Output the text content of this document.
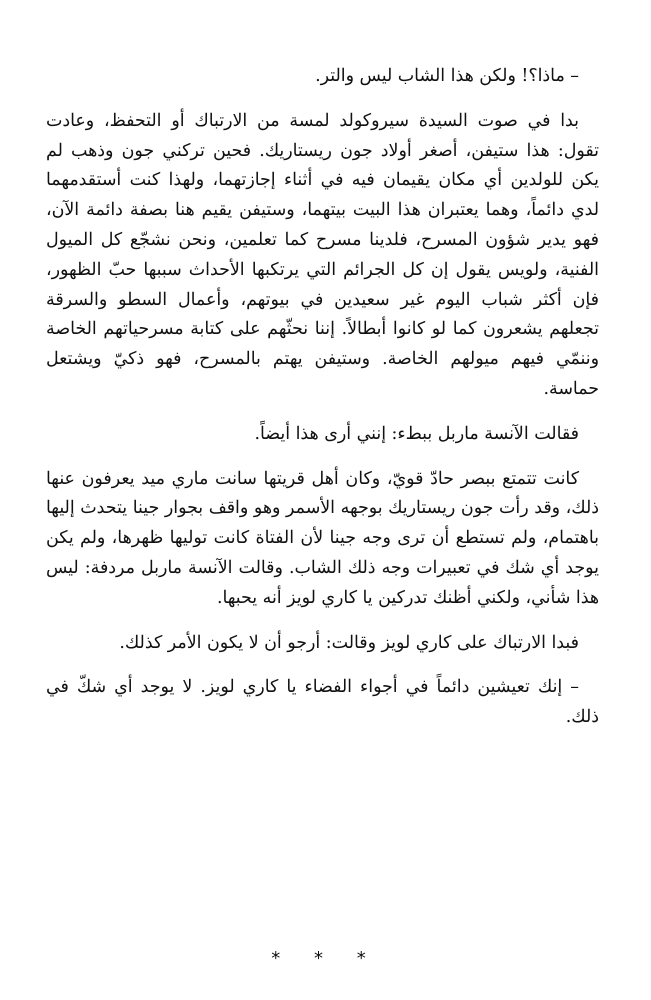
– ماذا؟! ولكن هذا الشاب ليس والتر.

بدا في صوت السيدة سيروكولد لمسة من الارتباك أو التحفظ، وعادت تقول: هذا ستيفن، أصغر أولاد جون ريستاريك. فحين تركني جون وذهب لم يكن للولدين أي مكان يقيمان فيه في أثناء إجازتهما، ولهذا كنت أستقدمهما لدي دائماً، وهما يعتبران هذا البيت بيتهما، وستيفن يقيم هنا بصفة دائمة الآن، فهو يدير شؤون المسرح، فلدينا مسرح كما تعلمين، ونحن نشجّع كل الميول الفنية، ولويس يقول إن كل الجرائم التي يرتكبها الأحداث سببها حبّ الظهور، فإن أكثر شباب اليوم غير سعيدين في بيوتهم، وأعمال السطو والسرقة تجعلهم يشعرون كما لو كانوا أبطالاً. إننا نحثّهم على كتابة مسرحياتهم الخاصة وننمّي فيهم ميولهم الخاصة. وستيفن يهتم بالمسرح، فهو ذكيّ ويشتعل حماسة.

فقالت الآنسة ماربل ببطء: إنني أرى هذا أيضاً.

كانت تتمتع ببصر حادّ قويّ، وكان أهل قريتها سانت ماري ميد يعرفون عنها ذلك، وقد رأت جون ريستاريك بوجهه الأسمر وهو واقف بجوار جينا يتحدث إليها باهتمام، ولم تستطع أن ترى وجه جينا لأن الفتاة كانت توليها ظهرها، ولم يكن يوجد أي شك في تعبيرات وجه ذلك الشاب. وقالت الآنسة ماربل مردفة: ليس هذا شأني، ولكني أظنك تدركين يا كاري لويز أنه يحبها.

فبدا الارتباك على كاري لويز وقالت: أرجو أن لا يكون الأمر كذلك.

– إنك تعيشين دائماً في أجواء الفضاء يا كاري لويز. لا يوجد أي شكّ في ذلك.

* * *
